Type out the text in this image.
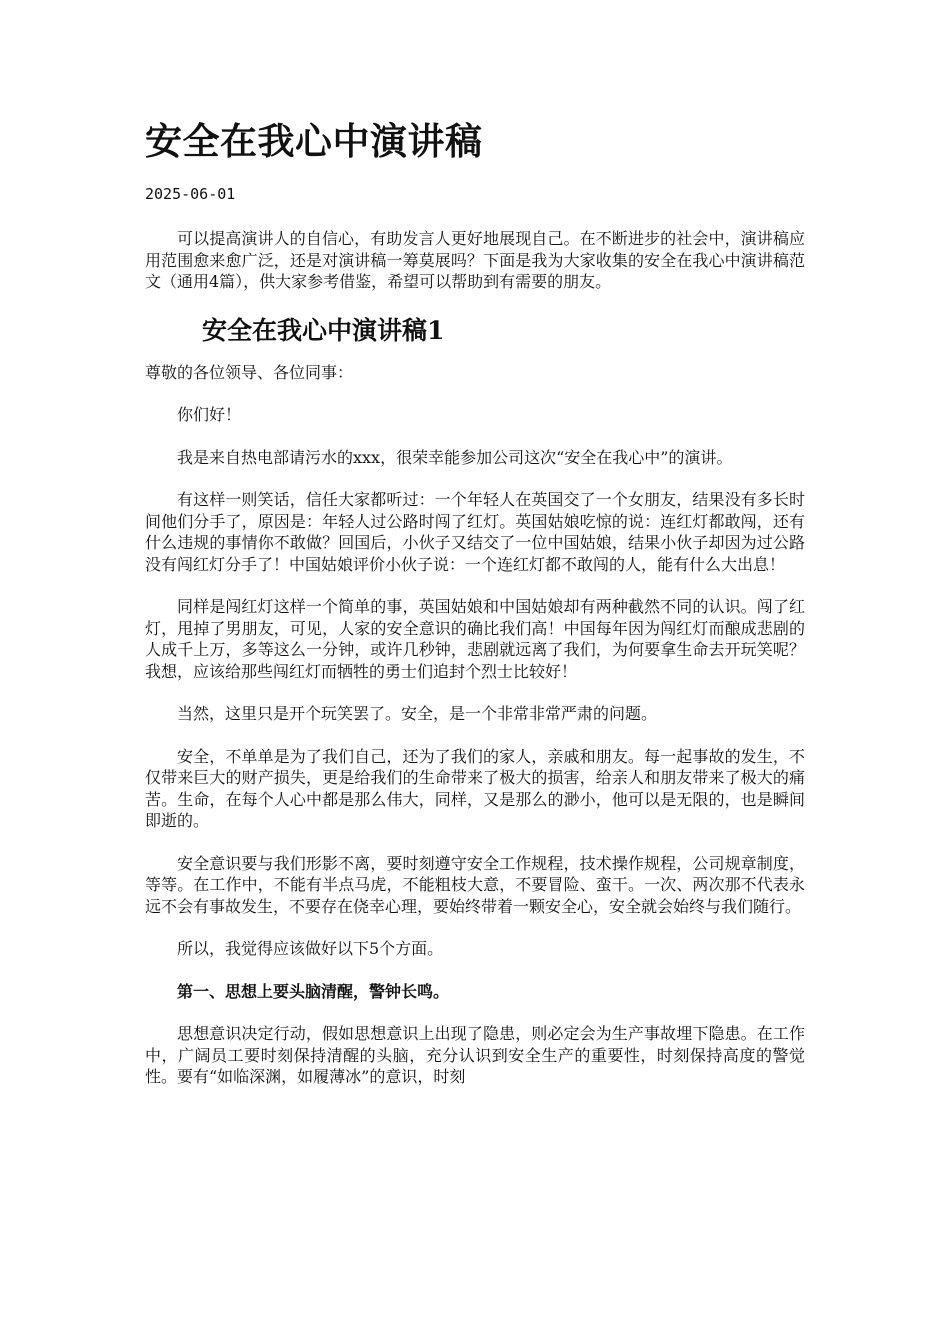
安全在我心中演讲稿
2025-06-01

可以提高演讲人的自信心，有助发言人更好地展现自己。在不断进步的社会中，演讲稿应用范围愈来愈广泛，还是对演讲稿一筹莫展吗？下面是我为大家收集的安全在我心中演讲稿范文（通用4篇），供大家参考借鉴，希望可以帮助到有需要的朋友。

安全在我心中演讲稿1

尊敬的各位领导、各位同事：

你们好！

我是来自热电部请污水的xxx，很荣幸能参加公司这次“安全在我心中”的演讲。

有这样一则笑话，信任大家都听过：一个年轻人在英国交了一个女朋友，结果没有多长时间他们分手了，原因是：年轻人过公路时闯了红灯。英国姑娘吃惊的说：连红灯都敢闯，还有什么违规的事情你不敢做？回国后，小伙子又结交了一位中国姑娘，结果小伙子却因为过公路没有闯红灯分手了！中国姑娘评价小伙子说：一个连红灯都不敢闯的人，能有什么大出息！

同样是闯红灯这样一个简单的事，英国姑娘和中国姑娘却有两种截然不同的认识。闯了红灯，甩掉了男朋友，可见，人家的安全意识的确比我们高！中国每年因为闯红灯而酿成悲剧的人成千上万，多等这么一分钟，或许几秒钟，悲剧就远离了我们，为何要拿生命去开玩笑呢？我想，应该给那些闯红灯而牺牲的勇士们追封个烈士比较好！

当然，这里只是开个玩笑罢了。安全，是一个非常非常严肃的问题。

安全，不单单是为了我们自己，还为了我们的家人，亲戚和朋友。每一起事故的发生，不仅带来巨大的财产损失，更是给我们的生命带来了极大的损害，给亲人和朋友带来了极大的痛苦。生命，在每个人心中都是那么伟大，同样，又是那么的渺小，他可以是无限的，也是瞬间即逝的。

安全意识要与我们形影不离，要时刻遵守安全工作规程，技术操作规程，公司规章制度，等等。在工作中，不能有半点马虎，不能粗枝大意，不要冒险、蛮干。一次、两次那不代表永远不会有事故发生，不要存在侥幸心理，要始终带着一颗安全心，安全就会始终与我们随行。

所以，我觉得应该做好以下5个方面。

第一、思想上要头脑清醒，警钟长鸣。

思想意识决定行动，假如思想意识上出现了隐患，则必定会为生产事故埋下隐患。在工作中，广阔员工要时刻保持清醒的头脑，充分认识到安全生产的重要性，时刻保持高度的警觉性。要有“如临深渊，如履薄冰”的意识，时刻
